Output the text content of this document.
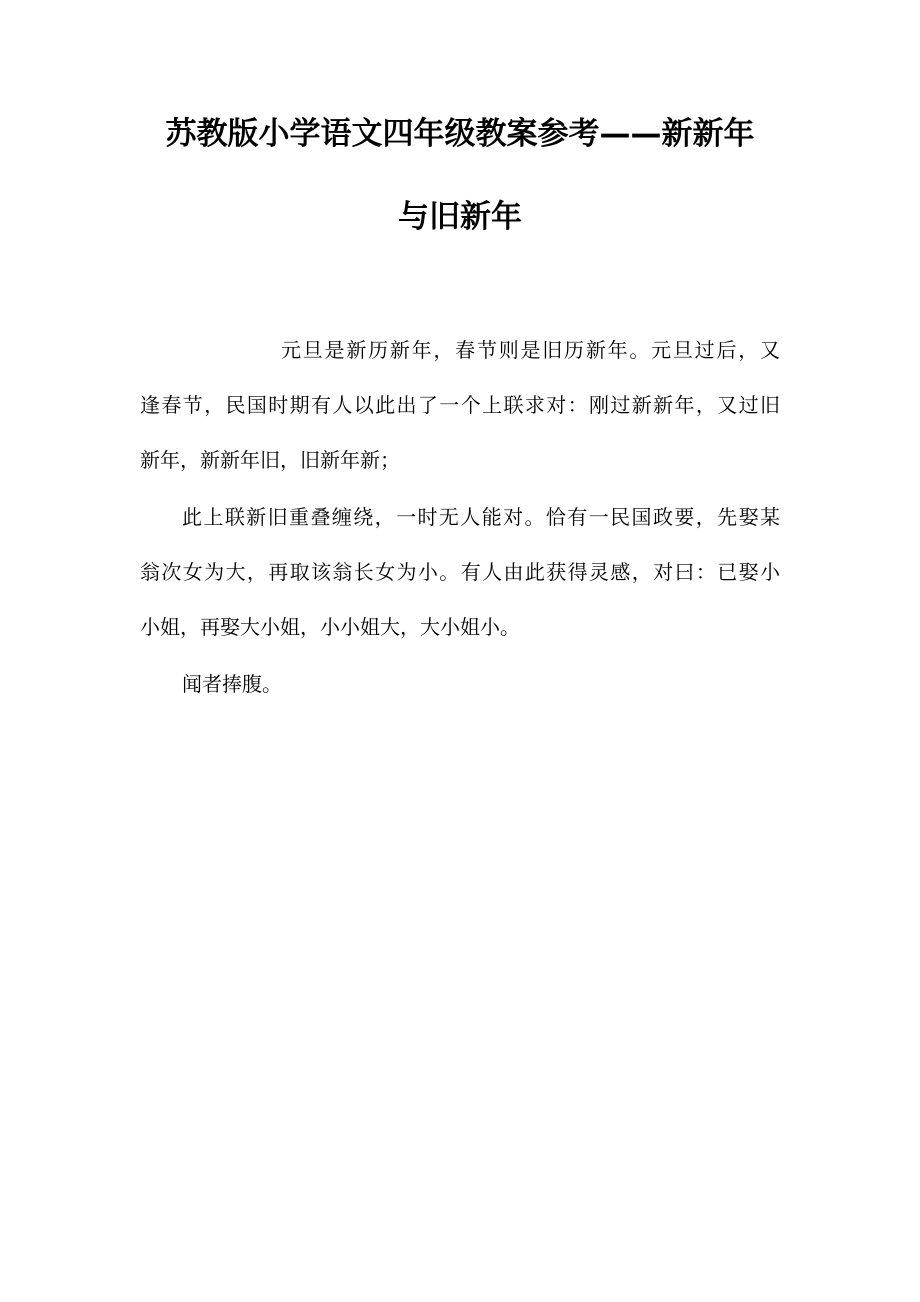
苏教版小学语文四年级教案参考——新新年
与旧新年
元旦是新历新年，春节则是旧历新年。元旦过后，又
逢春节，民国时期有人以此出了一个上联求对：刚过新新年，又过旧
新年，新新年旧，旧新年新；
此上联新旧重叠缠绕，一时无人能对。恰有一民国政要，先娶某
翁次女为大，再取该翁长女为小。有人由此获得灵感，对曰：已娶小
小姐，再娶大小姐，小小姐大，大小姐小。
闻者捧腹。
